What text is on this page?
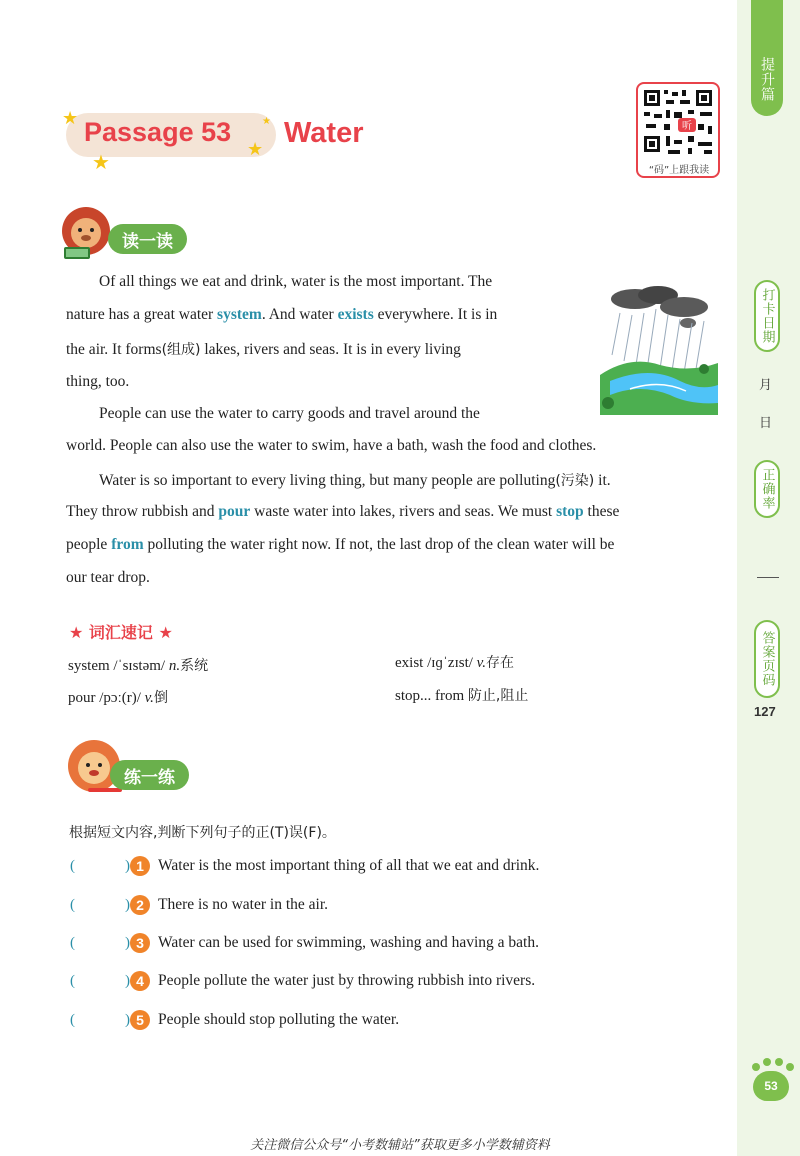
提升篇
打卡日期
月
日
正确率
答案页码
127
53
★
★
★
★
Passage 53 Water	听
“码”上跟我读
读一读
Of all things we eat and drink, water is the most important. The
nature has a great water system. And water exists everywhere. It is in
the air. It forms(组成) lakes, rivers and seas. It is in every living
thing, too.
People can use the water to carry goods and travel around the
world. People can also use the water to swim, have a bath, wash the food and clothes.
Water is so important to every living thing, but many people are polluting(污染) it.
They throw rubbish and pour waste water into lakes, rivers and seas. We must stop these
people from polluting the water right now. If not, the last drop of the clean water will be
our tear drop.
★ 词汇速记 ★
system /ˈsɪstəm/ n.系统	exist /ɪɡˈzɪst/ v.存在
pour /pɔː(r)/ v.倒	stop... from 防止,阻止
练一练
根据短文内容,判断下列句子的正(T)误(F)。
(	) 1 Water is the most important thing of all that we eat and drink.
(	) 2 There is no water in the air.
(	) 3 Water can be used for swimming, washing and having a bath.
(	) 4 People pollute the water just by throwing rubbish into rivers.
(	) 5 People should stop polluting the water.
关注微信公众号“小考数辅站”获取更多小学数辅资料
